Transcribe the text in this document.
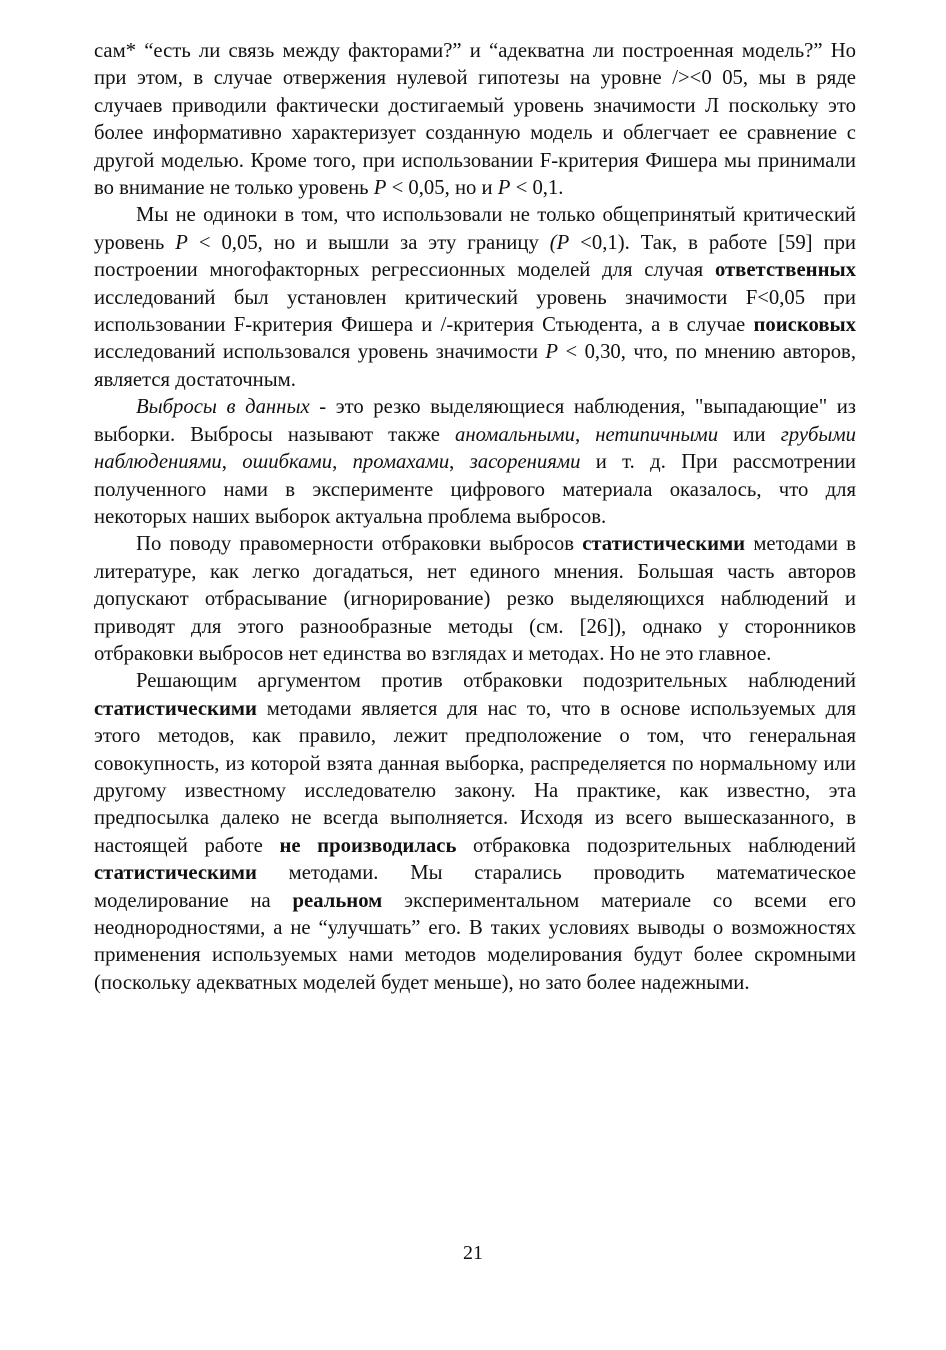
сам* “есть ли связь между факторами?” и “адекватна ли построенная модель?” Но при этом, в случае отвержения нулевой гипотезы на уровне /><0 05, мы в ряде случаев приводили фактически достигаемый уровень значимости Л поскольку это более информативно характеризует созданную модель и облегчает ее сравнение с другой моделью. Кроме того, при использовании F-критерия Фишера мы принимали во внимание не только уровень P < 0,05, но и P < 0,1.

Мы не одиноки в том, что использовали не только общепринятый критический уровень P < 0,05, но и вышли за эту границу (P <0,1). Так, в работе [59] при построении многофакторных регрессионных моделей для случая ответственных исследований был установлен критический уровень значимости F<0,05 при использовании F-критерия Фишера и /-критерия Стьюдента, а в случае поисковых исследований использовался уровень значимости P < 0,30, что, по мнению авторов, является достаточным.

Выбросы в данных - это резко выделяющиеся наблюдения, "выпадающие" из выборки. Выбросы называют также аномальными, нетипичными или грубыми наблюдениями, ошибками, промахами, засорениями и т. д. При рассмотрении полученного нами в эксперименте цифрового материала оказалось, что для некоторых наших выборок актуальна проблема выбросов.

По поводу правомерности отбраковки выбросов статистическими методами в литературе, как легко догадаться, нет единого мнения. Большая часть авторов допускают отбрасывание (игнорирование) резко выделяющихся наблюдений и приводят для этого разнообразные методы (см. [26]), однако у сторонников отбраковки выбросов нет единства во взглядах и методах. Но не это главное.

Решающим аргументом против отбраковки подозрительных наблюдений статистическими методами является для нас то, что в основе используемых для этого методов, как правило, лежит предположение о том, что генеральная совокупность, из которой взята данная выборка, распределяется по нормальному или другому известному исследователю закону. На практике, как известно, эта предпосылка далеко не всегда выполняется. Исходя из всего вышесказанного, в настоящей работе не производилась отбраковка подозрительных наблюдений статистическими методами. Мы старались проводить математическое моделирование на реальном экспериментальном материале со всеми его неоднородностями, а не “улучшать” его. В таких условиях выводы о возможностях применения используемых нами методов моделирования будут более скромными (поскольку адекватных моделей будет меньше), но зато более надежными.

21
